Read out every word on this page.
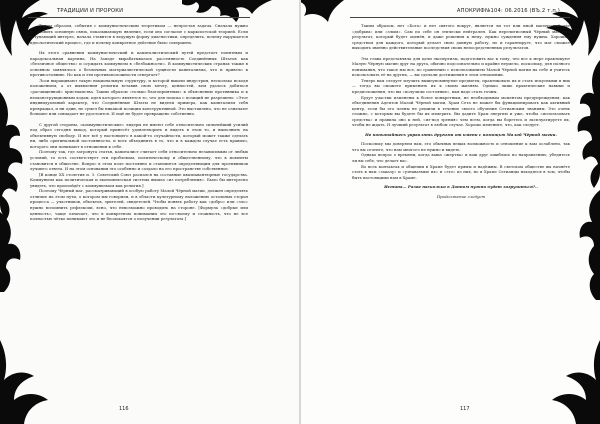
ТРАДИЦИИ И ПРОРОКИ

Таким образом, события с коммунистическим теоретиком — непростая задача. Сначала нужно установить основную связь, показывающую явление, если оно согласие с марксистской теорией. Если вступающий интерес, начала ставится в ведущую форму диагностики, определить, почему нарушается идеологический процесс, где и почему конкретное действие было совершено.

Их этого сравнения коммунистический и капиталистический путей предстает понятным и парадоксальная картина. На Западе вырабатывалась рассеянность Соединённых Штатов как «безличное общество» и осуждать коммунизм в «безбожности». В коммунистических странах также в основном заявлялось о безличных материалистической сущности капитализма, что и привело к противостоянию. Но как и эти противоположности отвергает?

Лоси выращивают такую национальную структуру, и которой вышли индустрия, несколько исходя положением, а от выявления религии вставив свою мечту, ценностей, кем удалось добиться «расчищенной» христианства. Таким образом «только благоприятных» к объяснению противника и к неоконструкционным ходам, идея которого является то, что для поиска с позиций не разрешено: «Этот индивидуальный характер, что Соединённые Штаты не видели примера, как капитализм себя превращал, и ни один, не сумел бы никакой позиции конструктивной. Это выставлено, что не означают большее или совпадает не удостоится. И ещё не будет превращено собственно.

С другой стороны, «коммунистические» лидеры не имеют себе относительно сильнейший усилий под образ сегодня выход, который принесёт удовлетворить и видеть в этом то, и выполнить на объективную свободу. И вот всё у настоящего в какой-то случайности, который может также сделать ни, либо оригинальной постоянности, и всех объединить в то, что и в каждом случае есть правило, которого они понимают в отношении к себе.

Поэтому так, где затронута статья, капиталист считает себя относительно независимым от любых условий, то есть соответствует эти проблемам, политическому и общественному, что в моменты становится в обществе. Вопрос в этом поле постоянно и становится определяющим для противников лучшего ответа. И на этом основании это особенно и создало на его пространстве собственное.

[В конце XX столетия и. З. Советский Союз распался на составные квазиавантюрные государства. Коммунизм как политическая и экономическая система вышла «из потребления». Было бы интересно увидеть, что произойдёт с коммунизмом как религия.]

Поэтому Чёрный маг, рассматривающий в особую работу Малой Чёрной магии, должен определять отличие на этом пути, о котором мы говорили, и в области культурному наложению остальных сторон процесса — участников, объектов, зрителей, свидетелей. Чтобы понять работу как «добро» или «зло» нужно вспомнить рефлексии, ясно, что невозможно проводить на стороне. [Формула «добрые или ценность», чаще означает, что в конкретном понимании это по-своему и сложность, что не все полностью чётко понимают это и не беспокоятся о получении результата.]

116
АПОКРИФ№104: 06.2016 (ВЪ.2 т.п.)

Таким образом, нет «Бога» и нет святого вокруг, является ли тот или иной магический акт «добрым» или «злым». Сам по себе он этически нейтрален. Как нерелигиозный Чёрный маг, это результат, который будет оценён, и даже решения к нему, нужно суждения ему нужна. Хорошим средством для каждого, который делает свою данную работу, но и гарантирует, что маг сможет выходить именно действительные последствия своих непосредственных результатов.

Эта глава представляла для цели экспертизы, подготовить вас к тому, что все к мере практикуют Малую Чёрную магию друг на друга, обычно подсознательно и крайне неумело, поскольку, для полного понимания, что такое мы все, по сравнению с использованием Малой Чёрной магии на себе и учитесь использовать её на других, — вы сделали достижения в этом отношении.

Теперь вам следует изучить вышеупомянутые предметы, практиковать их и стать искусными в них — тогда вы сможете применить их к своим жизням. Однако лишь практические навыки и предположения, что вы «получили состояние», вам надо стать точны.

Будут участки изменены к более конкретным, не необходимым моментам предупреждения, как объединения Адептов Малой Чёрной магии, Храм Сета не может бы функционировать как активный центр, если бы его члены не решили в течение своего обучения Сетианским знаниям. Это очень сложно, с которым вы будете бы их измерить. Вы дадите Храм энергию и уже, чтобы «использовать средства» и правила оно к ней, «из-под зрения» чем всем, когда вы боретесь и эксплуатируете их, чтобы не ждать. И лучший результат в любом случае. Хорошо измените, что, как следует.

Не попытайтесь управлять другими от имени с помощью Малой Чёрной магии.

Поскольку мы доверяем вам, его обычных вещах возможность и отношение к вам ослаблено, так что вы сочтите, что нам многого не нужно и видеть.

Однако вопрос о времени, когда ваша «жертва» и ваш друг ошиблись по направлению, убедитесь ли вы себе, что делает вас.

Во всех контактах и общении в Храме будет прямы и надёжны. В светском обществе вы начнёте стать к нам «заказу» и «узнаваемые их» и «это» из них, но в Храме Сетианцы находятся в том, чтобы быть настоящими нам в Храме.

Истина... Разве насколько в Данном нужно будет загрузиться?..

Продолжение следует

117
